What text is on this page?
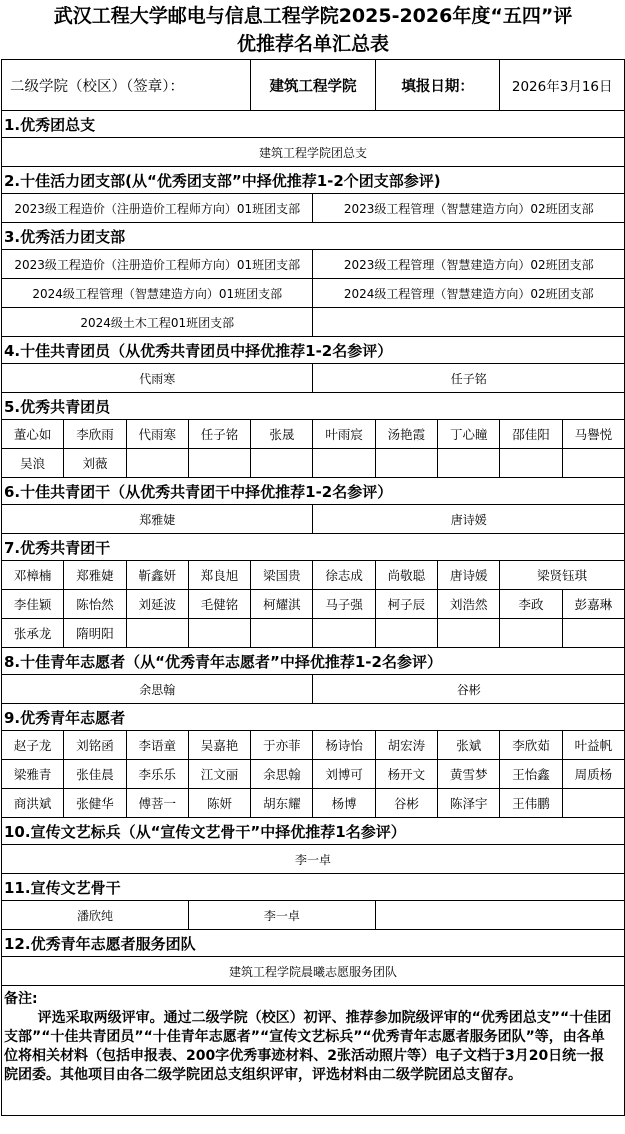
武汉工程大学邮电与信息工程学院2025-2026年度“五四”评
优推荐名单汇总表									

二级学院（校区）（签章）：				建筑工程学院		填报日期：		2026年3月16日	
1.优秀团总支									
建筑工程学院团总支									
2.十佳活力团支部(从“优秀团支部”中择优推荐1-2个团支部参评)									
2023级工程造价（注册造价工程师方向）01班团支部					2023级工程管理（智慧建造方向）02班团支部				
3.优秀活力团支部									
2023级工程造价（注册造价工程师方向）01班团支部					2023级工程管理（智慧建造方向）02班团支部				
2024级工程管理（智慧建造方向）01班团支部					2024级工程管理（智慧建造方向）02班团支部				
2024级土木工程01班团支部									
4.十佳共青团员（从优秀共青团员中择优推荐1-2名参评）									
代雨寒					任子铭				
5.优秀共青团员									
董心如	李欣雨	代雨寒	任子铭	张晟	叶雨宸	汤艳霞	丁心瞳	邵佳阳	马譽悦
吴浪	刘薇								
6.十佳共青团干（从优秀共青团干中择优推荐1-2名参评）									
郑雅婕					唐诗媛				
7.优秀共青团干									
邓樟楠	郑雅婕	靳鑫妍	郑良旭	梁国贵	徐志成	尚敬聪	唐诗媛	梁贤钰琪	
李佳颖	陈怡然	刘延波	毛健铭	柯耀淇	马子强	柯子辰	刘浩然	李政	彭嘉琳
张承龙	隋明阳								
8.十佳青年志愿者（从“优秀青年志愿者”中择优推荐1-2名参评）									
余思翰					谷彬				
9.优秀青年志愿者									
赵子龙	刘铭函	李语童	吴嘉艳	于亦菲	杨诗怡	胡宏涛	张斌	李欣茹	叶益帆
梁雅青	张佳晨	李乐乐	江文丽	余思翰	刘博可	杨开文	黄雪梦	王怡鑫	周质杨
商洪斌	张健华	傅菩一	陈妍	胡东耀	杨博	谷彬	陈泽宇	王伟鹏	
10.宣传文艺标兵（从“宣传文艺骨干”中择优推荐1名参评）									
李一卓									
11.宣传文艺骨干									
潘欣纯			李一卓						
12.优秀青年志愿者服务团队									
建筑工程学院晨曦志愿服务团队									
备注:
评选采取两级评审。通过二级学院（校区）初评、推荐参加院级评审的“优秀团总支”“十佳团支部”“十佳共青团员”“十佳青年志愿者”“宣传文艺标兵”“优秀青年志愿者服务团队”等，由各单位将相关材料（包括申报表、200字优秀事迹材料、2张活动照片等）电子文档于3月20日统一报院团委。其他项目由各二级学院团总支组织评审，评选材料由二级学院团总支留存。									
